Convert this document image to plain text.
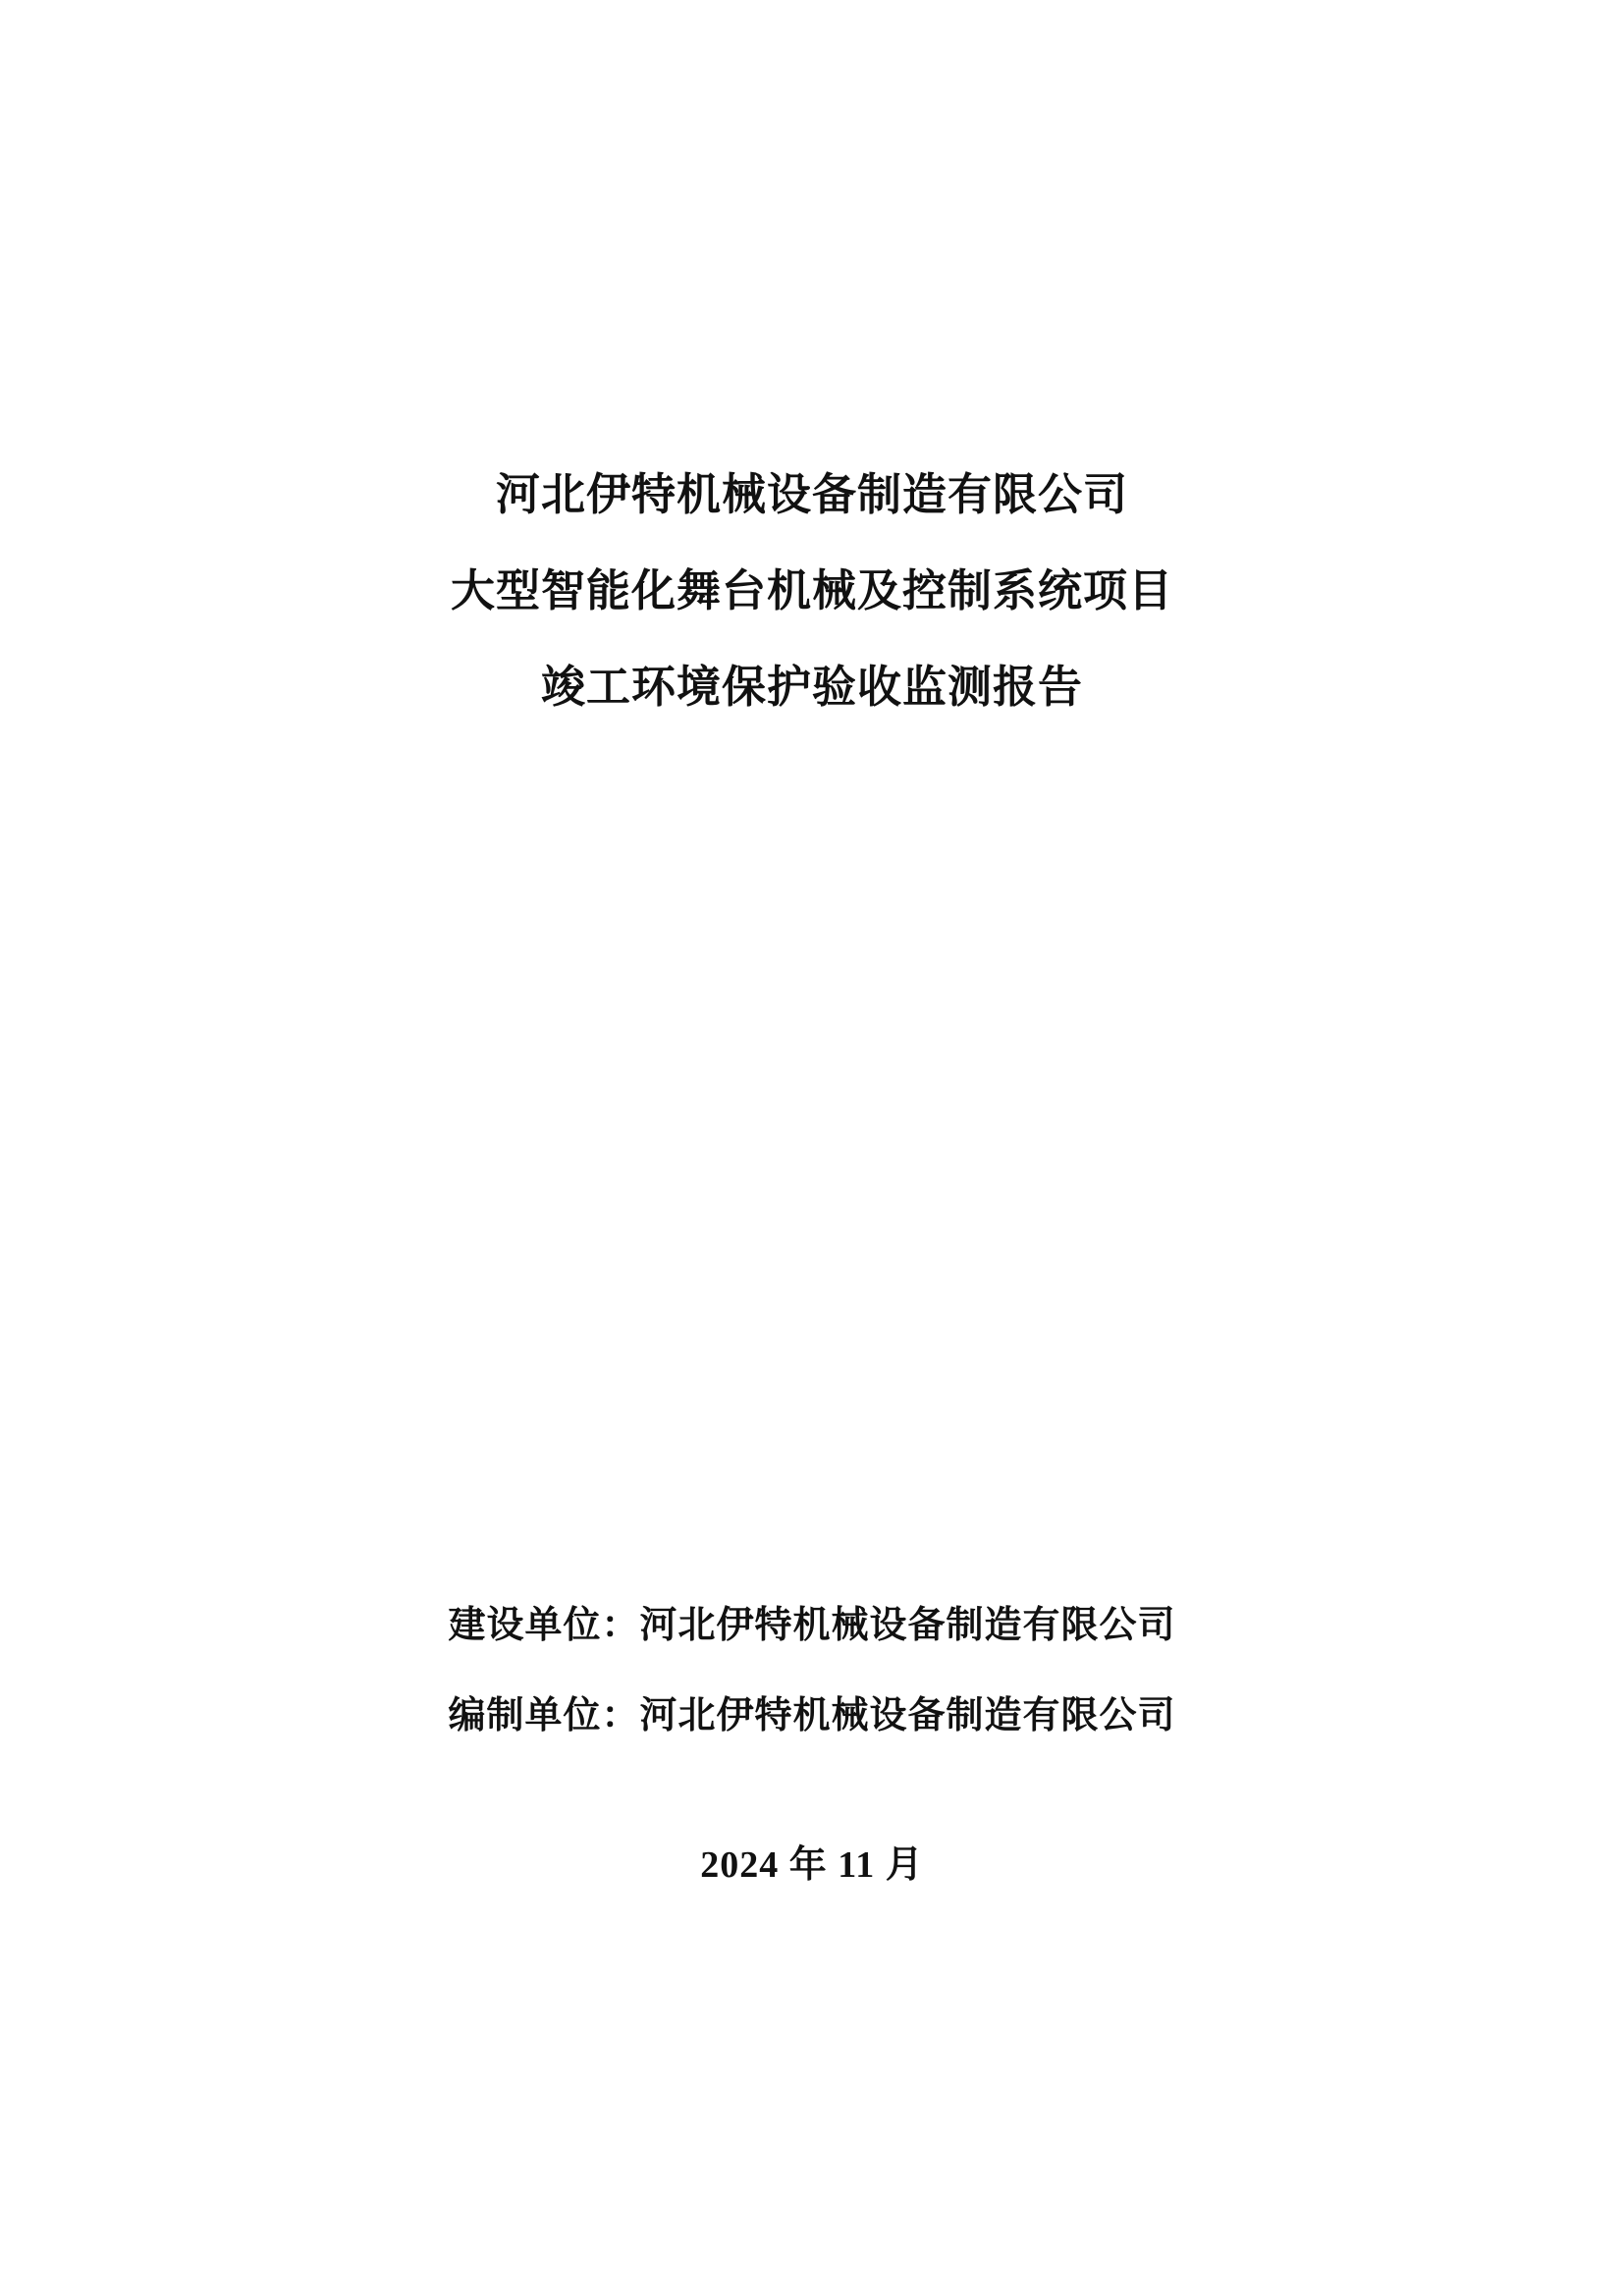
河北伊特机械设备制造有限公司
大型智能化舞台机械及控制系统项目
竣工环境保护验收监测报告
建设单位：河北伊特机械设备制造有限公司
编制单位：河北伊特机械设备制造有限公司
2024 年 11 月
